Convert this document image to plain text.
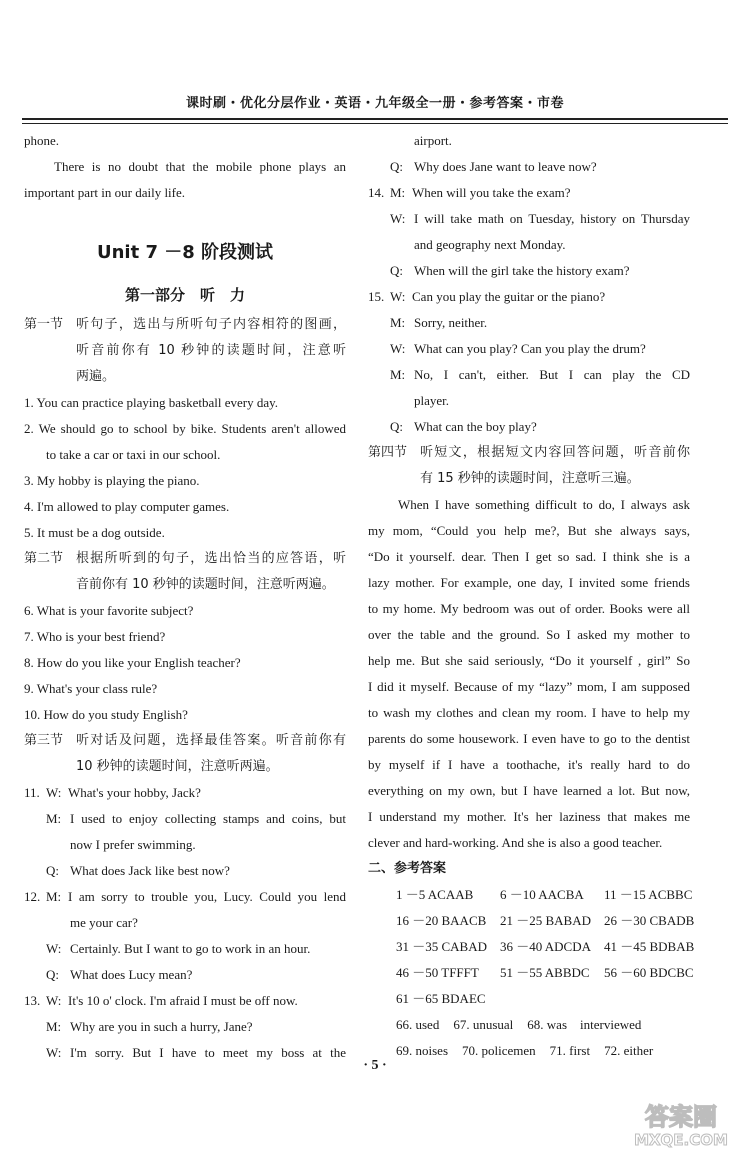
课时刷・优化分层作业・英语・九年级全一册・参考答案・市卷
phone.
There is no doubt that the mobile phone plays an
important part in our daily life.
Unit 7 －8 阶段测试
第一部分　听　力
第一节 听句子，选出与所听句子内容相符的图画，
听音前你有 10 秒钟的读题时间，注意听
两遍。
1. You can practice playing basketball every day.
2. We should go to school by bike. Students aren't allowed
to take a car or taxi in our school.
3. My hobby is playing the piano.
4. I'm allowed to play computer games.
5. It must be a dog outside.
第二节 根据所听到的句子，选出恰当的应答语，听
音前你有 10 秒钟的读题时间，注意听两遍。
6. What is your favorite subject?
7. Who is your best friend?
8. How do you like your English teacher?
9. What's your class rule?
10. How do you study English?
第三节 听对话及问题，选择最佳答案。听音前你有
10 秒钟的读题时间，注意听两遍。
11. W: What's your hobby, Jack?
M: I used to enjoy collecting stamps and coins, but
now I prefer swimming.
Q: What does Jack like best now?
12. M: I am sorry to trouble you, Lucy. Could you lend
me your car?
W: Certainly. But I want to go to work in an hour.
Q: What does Lucy mean?
13. W: It's 10 o' clock. I'm afraid I must be off now.
M: Why are you in such a hurry, Jane?
W: I'm sorry. But I have to meet my boss at the
airport.
Q: Why does Jane want to leave now?
14. M: When will you take the exam?
W: I will take math on Tuesday, history on Thursday
and geography next Monday.
Q: When will the girl take the history exam?
15. W: Can you play the guitar or the piano?
M: Sorry, neither.
W: What can you play? Can you play the drum?
M: No, I can't, either. But I can play the CD
player.
Q: What can the boy play?
第四节 听短文，根据短文内容回答问题，听音前你
有 15 秒钟的读题时间，注意听三遍。
When I have something difficult to do, I always ask
my mom, “Could you help me?, But she always says,
“Do it yourself. dear. Then I get so sad. I think she is a
lazy mother. For example, one day, I invited some friends
to my home. My bedroom was out of order. Books were all
over the table and the ground. So I asked my mother to
help me. But she said seriously, “Do it yourself , girl” So
I did it myself. Because of my “lazy” mom, I am supposed
to wash my clothes and clean my room. I have to help my
parents do some housework. I even have to go to the dentist
by myself if I have a toothache, it's really hard to do
everything on my own, but I have learned a lot. But now,
I understand my mother. It's her laziness that makes me
clever and hard-working. And she is also a good teacher.
二、参考答案
1 －5 ACAAB	6 －10 AACBA	11 －15 ACBBC
16 －20 BAACB	21 －25 BABAD 26 －30 CBADB
31 －35 CABAD 36 －40 ADCDA 41 －45 BDBAB
46 －50 TFFFT	51 －55 ABBDC	56 －60 BDCBC
61 －65 BDAEC
66. used 67. unusual 68. was　interviewed
69. noises 70. policemen 71. first 72. either
· 5 ·
答案圈
MXQE.COM
